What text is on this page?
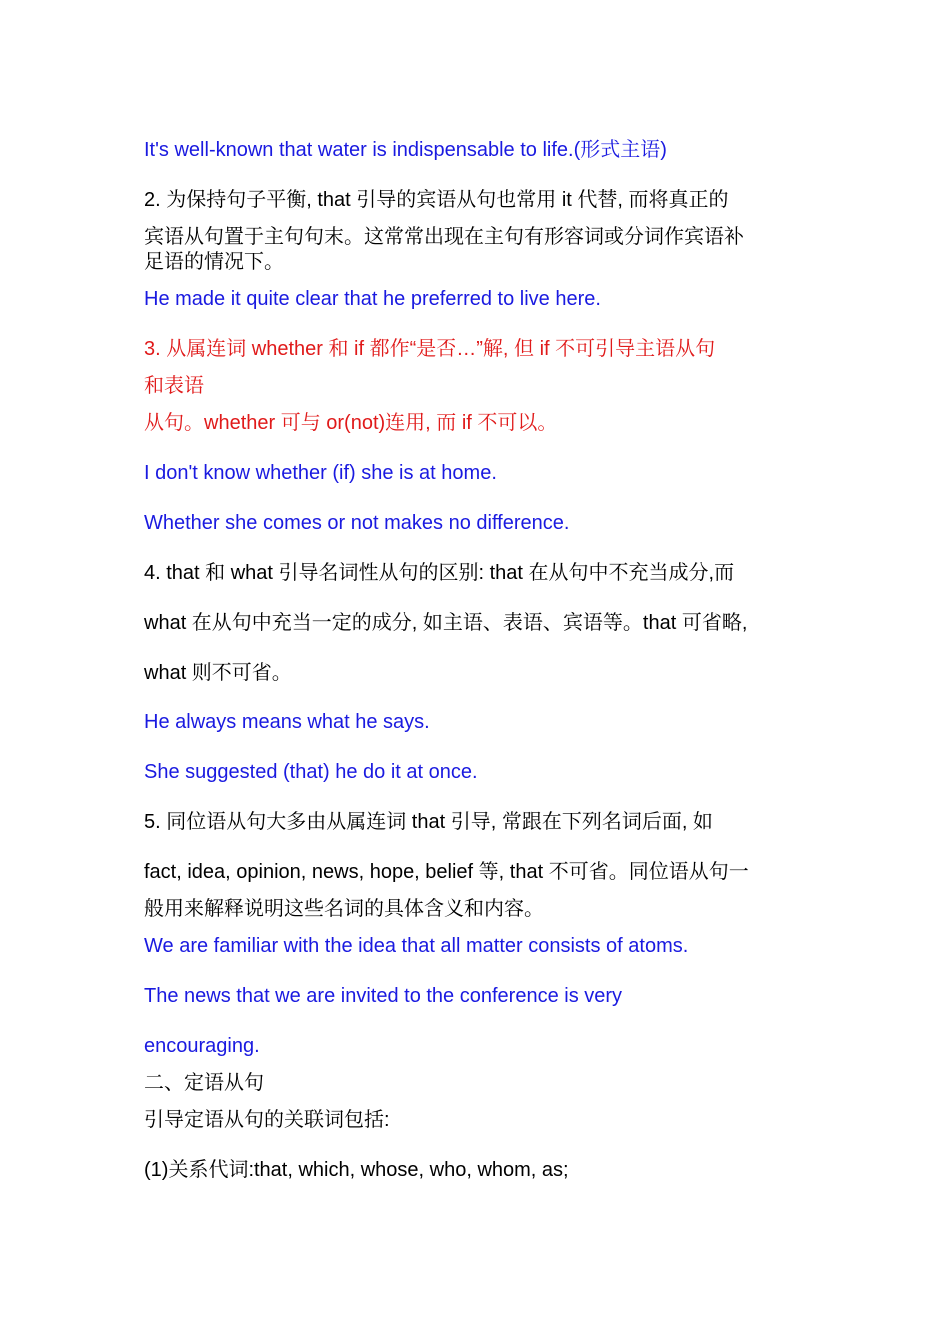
It's well-known that water is indispensable to life.(形式主语)
2. 为保持句子平衡, that 引导的宾语从句也常用 it 代替, 而将真正的
宾语从句置于主句句末。这常常出现在主句有形容词或分词作宾语补
足语的情况下。
He made it quite clear that he preferred to live here.
3. 从属连词 whether 和 if 都作“是否…”解, 但 if 不可引导主语从句
和表语
从句。whether 可与 or(not)连用, 而 if 不可以。
I don't know whether (if) she is at home.
Whether she comes or not makes no difference.
4. that 和 what 引导名词性从句的区别: that 在从句中不充当成分,而
what 在从句中充当一定的成分, 如主语、表语、宾语等。that 可省略,
what 则不可省。
He always means what he says.
She suggested (that) he do it at once.
5. 同位语从句大多由从属连词 that 引导, 常跟在下列名词后面, 如
fact, idea, opinion, news, hope, belief 等, that 不可省。同位语从句一
般用来解释说明这些名词的具体含义和内容。
We are familiar with the idea that all matter consists of atoms.
The news that we are invited to the conference is very
encouraging.
二、定语从句
引导定语从句的关联词包括:
(1)关系代词:that, which, whose, who, whom, as;
